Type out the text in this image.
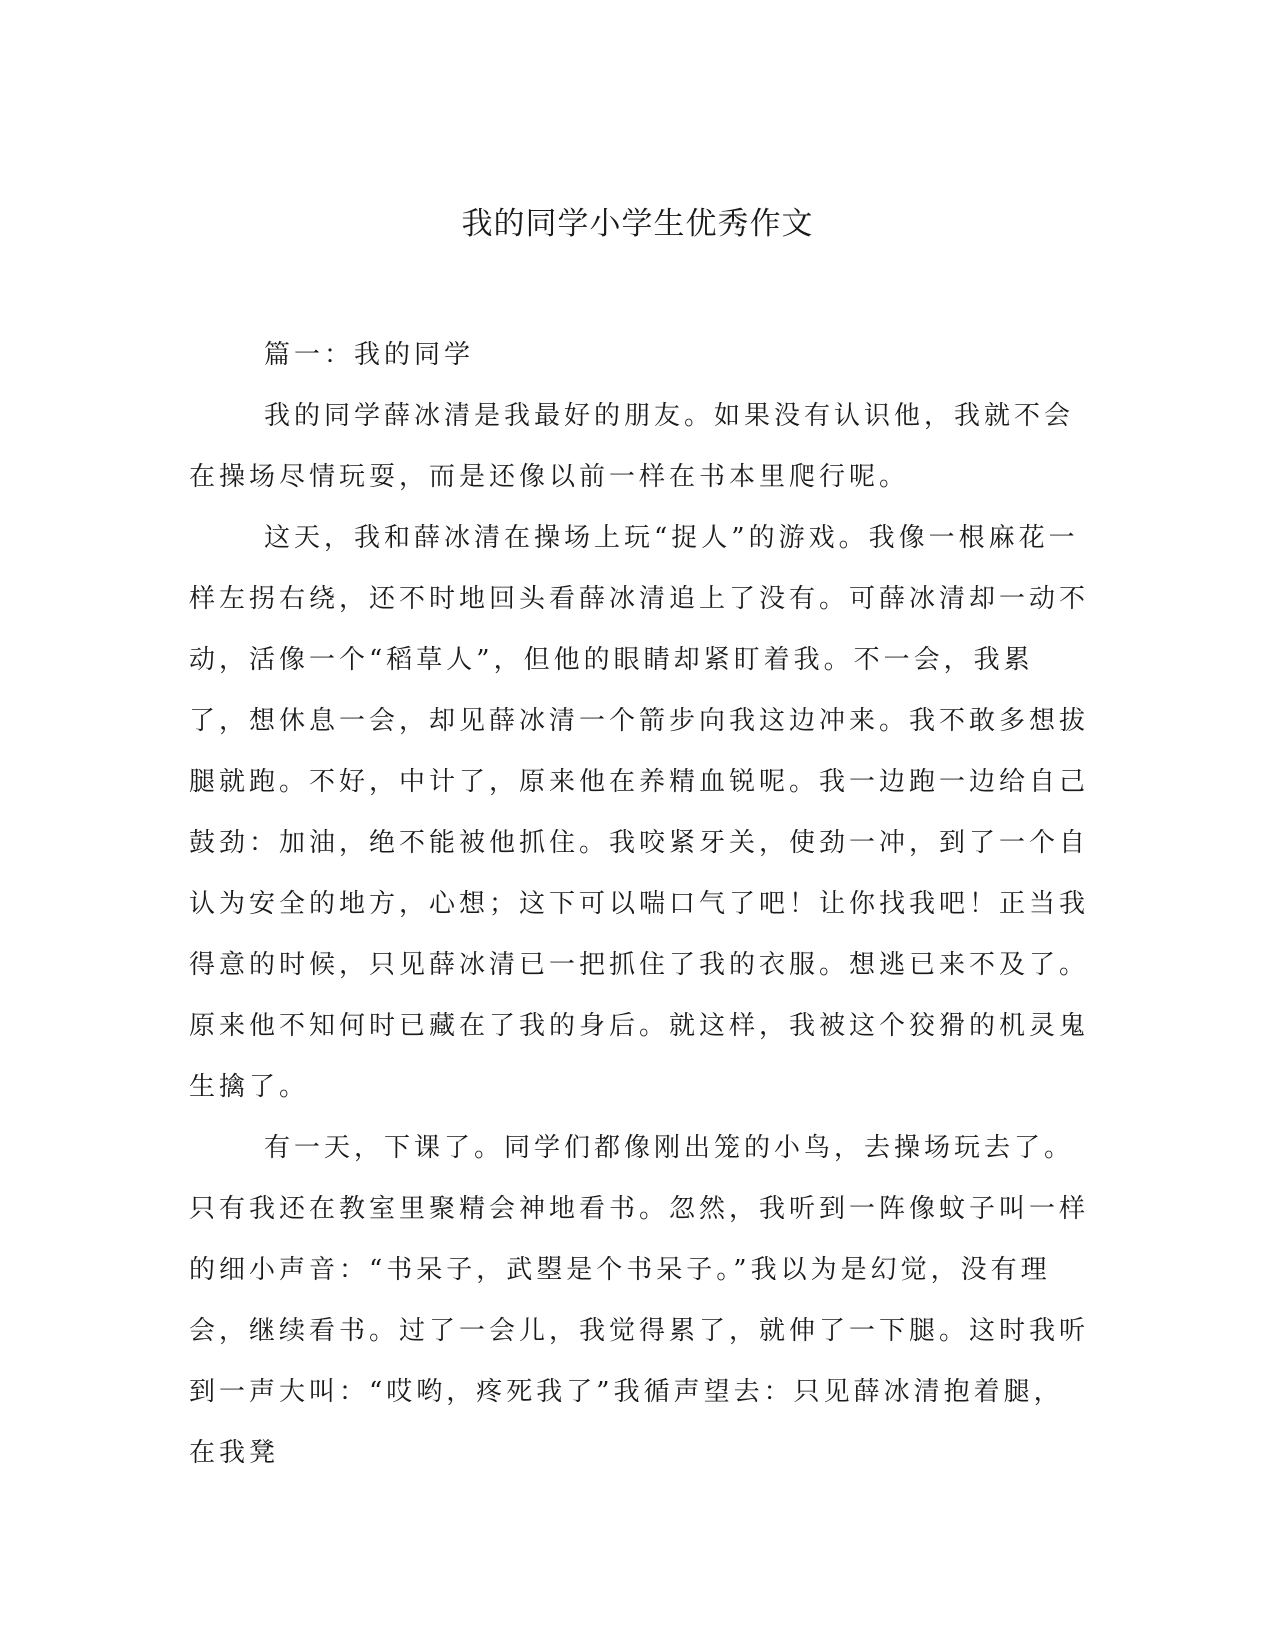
我的同学小学生优秀作文

篇一：我的同学

我的同学薛冰清是我最好的朋友。如果没有认识他，我就不会在操场尽情玩耍，而是还像以前一样在书本里爬行呢。

这天，我和薛冰清在操场上玩“捉人”的游戏。我像一根麻花一样左拐右绕，还不时地回头看薛冰清追上了没有。可薛冰清却一动不动，活像一个“稻草人”，但他的眼睛却紧盯着我。不一会，我累了，想休息一会，却见薛冰清一个箭步向我这边冲来。我不敢多想拔腿就跑。不好，中计了，原来他在养精血锐呢。我一边跑一边给自己鼓劲：加油，绝不能被他抓住。我咬紧牙关，使劲一冲，到了一个自认为安全的地方，心想；这下可以喘口气了吧！让你找我吧！正当我得意的时候，只见薛冰清已一把抓住了我的衣服。想逃已来不及了。原来他不知何时已藏在了我的身后。就这样，我被这个狡猾的机灵鬼生擒了。

有一天，下课了。同学们都像刚出笼的小鸟，去操场玩去了。只有我还在教室里聚精会神地看书。忽然，我听到一阵像蚊子叫一样的细小声音：“书呆子，武曌是个书呆子。”我以为是幻觉，没有理会，继续看书。过了一会儿，我觉得累了，就伸了一下腿。这时我听到一声大叫：“哎哟，疼死我了”我循声望去：只见薛冰清抱着腿，在我凳
